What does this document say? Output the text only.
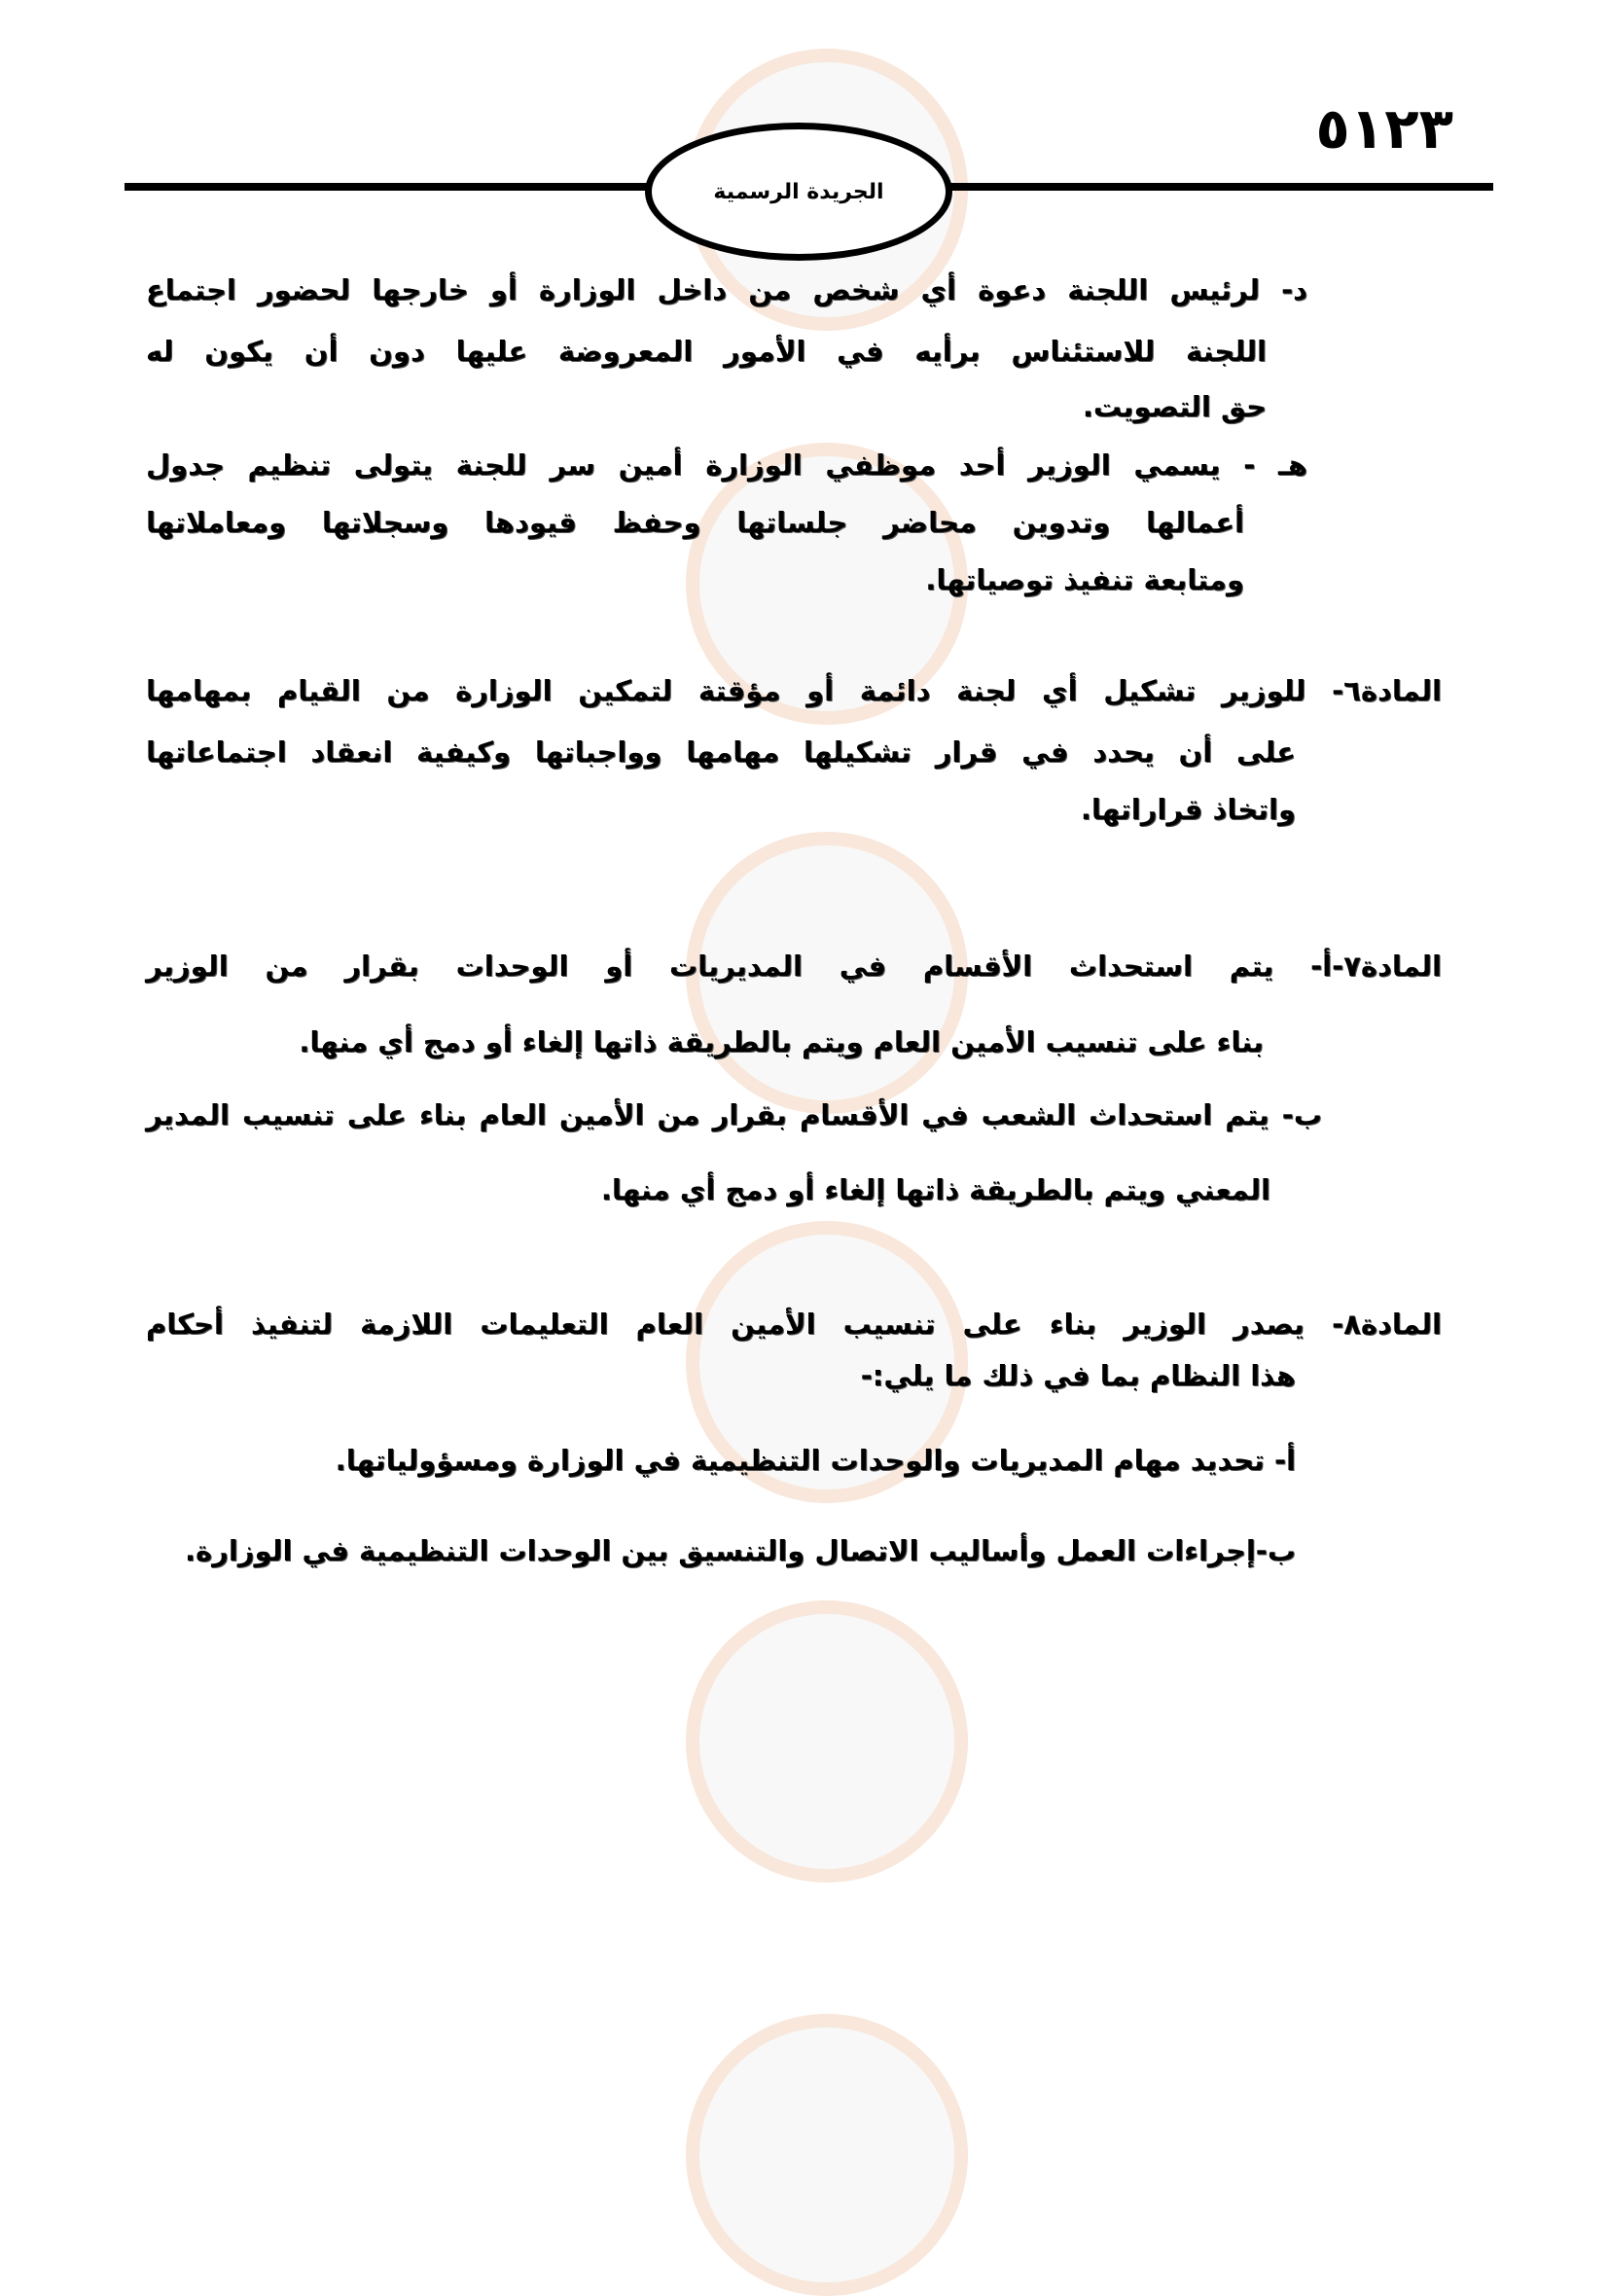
٥١٢٣
الجريدة الرسمية
د- لرئيس اللجنة دعوة أي شخص من داخل الوزارة أو خارجها لحضور اجتماع
اللجنة للاستئناس برأيه في الأمور المعروضة عليها دون أن يكون له
حق التصويت.
هـ - يسمي الوزير أحد موظفي الوزارة أمين سر للجنة يتولى تنظيم جدول
أعمالها وتدوين محاضر جلساتها وحفظ قيودها وسجلاتها ومعاملاتها
ومتابعة تنفيذ توصياتها.
المادة٦- للوزير تشكيل أي لجنة دائمة أو مؤقتة لتمكين الوزارة من القيام بمهامها
على أن يحدد في قرار تشكيلها مهامها وواجباتها وكيفية انعقاد اجتماعاتها
واتخاذ قراراتها.
المادة٧-أ- يتم استحداث الأقسام في المديريات أو الوحدات بقرار من الوزير
بناء على تنسيب الأمين العام ويتم بالطريقة ذاتها إلغاء أو دمج أي منها.
ب- يتم استحداث الشعب في الأقسام بقرار من الأمين العام بناء على تنسيب المدير
المعني ويتم بالطريقة ذاتها إلغاء أو دمج أي منها.
المادة٨- يصدر الوزير بناء على تنسيب الأمين العام التعليمات اللازمة لتنفيذ أحكام
هذا النظام بما في ذلك ما يلي:-
أ- تحديد مهام المديريات والوحدات التنظيمية في الوزارة ومسؤولياتها.
ب-إجراءات العمل وأساليب الاتصال والتنسيق بين الوحدات التنظيمية في الوزارة.
